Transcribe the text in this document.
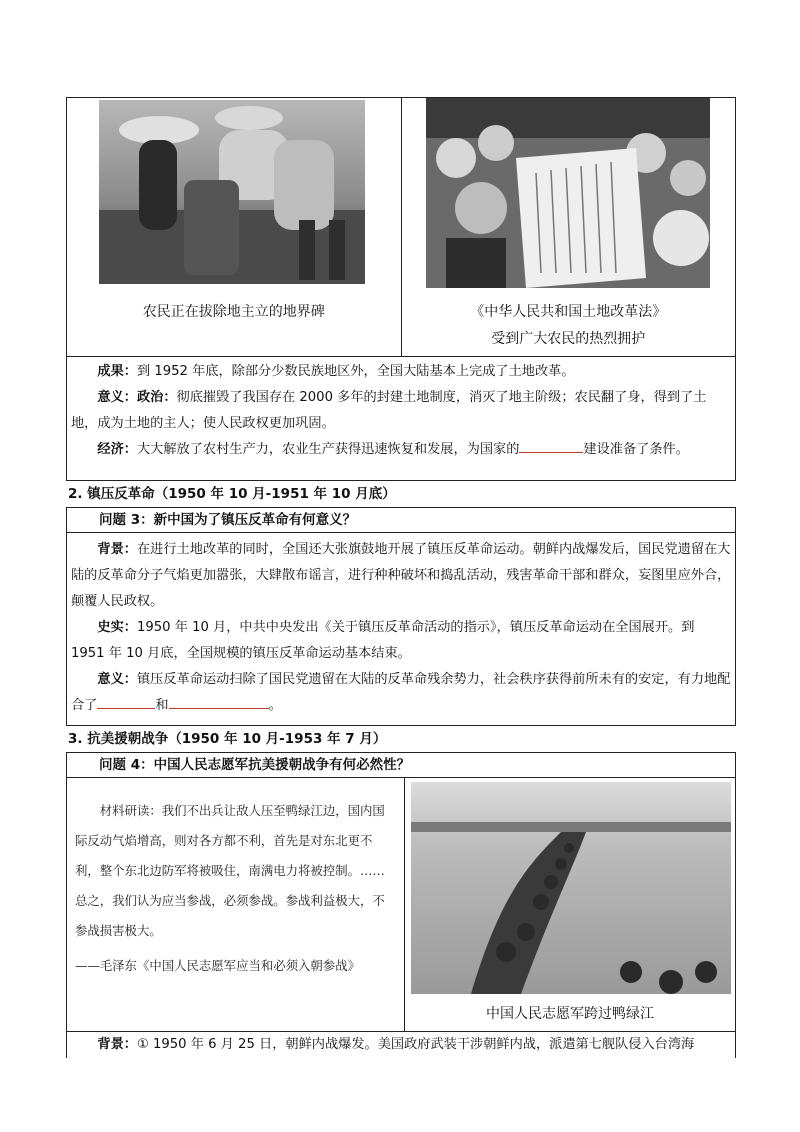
农民正在拔除地主立的地界碑	《中华人民共和国土地改革法》
受到广大农民的热烈拥护

成果：到 1952 年底，除部分少数民族地区外，全国大陆基本上完成了土地改革。

意义：政治：彻底摧毁了我国存在 2000 多年的封建土地制度，消灭了地主阶级；农民翻了身，得到了土地，成为土地的主人；使人民政权更加巩固。

经济：大大解放了农村生产力，农业生产获得迅速恢复和发展，为国家的	建设准备了条件。

2. 镇压反革命（1950 年 10 月-1951 年 10 月底）
问题 3：新中国为了镇压反革命有何意义？

背景：在进行土地改革的同时，全国还大张旗鼓地开展了镇压反革命运动。朝鲜内战爆发后，国民党遗留在大陆的反革命分子气焰更加嚣张，大肆散布谣言，进行种种破坏和捣乱活动，残害革命干部和群众，妄图里应外合，颠覆人民政权。

史实：1950 年 10 月，中共中央发出《关于镇压反革命活动的指示》，镇压反革命运动在全国展开。到 1951 年 10 月底，全国规模的镇压反革命运动基本结束。

意义：镇压反革命运动扫除了国民党遗留在大陆的反革命残余势力，社会秩序获得前所未有的安定，有力地配合了	和	。

3. 抗美援朝战争（1950 年 10 月-1953 年 7 月）
问题 4：中国人民志愿军抗美援朝战争有何必然性？
材料研读：我们不出兵让敌人压至鸭绿江边，国内国际反动气焰增高，则对各方都不利，首先是对东北更不利，整个东北边防军将被吸住，南满电力将被控制。……总之，我们认为应当参战，必须参战。参战利益极大，不参战损害极大。
——毛泽东《中国人民志愿军应当和必须入朝参战》
中国人民志愿军跨过鸭绿江
背景：① 1950 年 6 月 25 日，朝鲜内战爆发。美国政府武装干涉朝鲜内战，派遣第七舰队侵入台湾海
